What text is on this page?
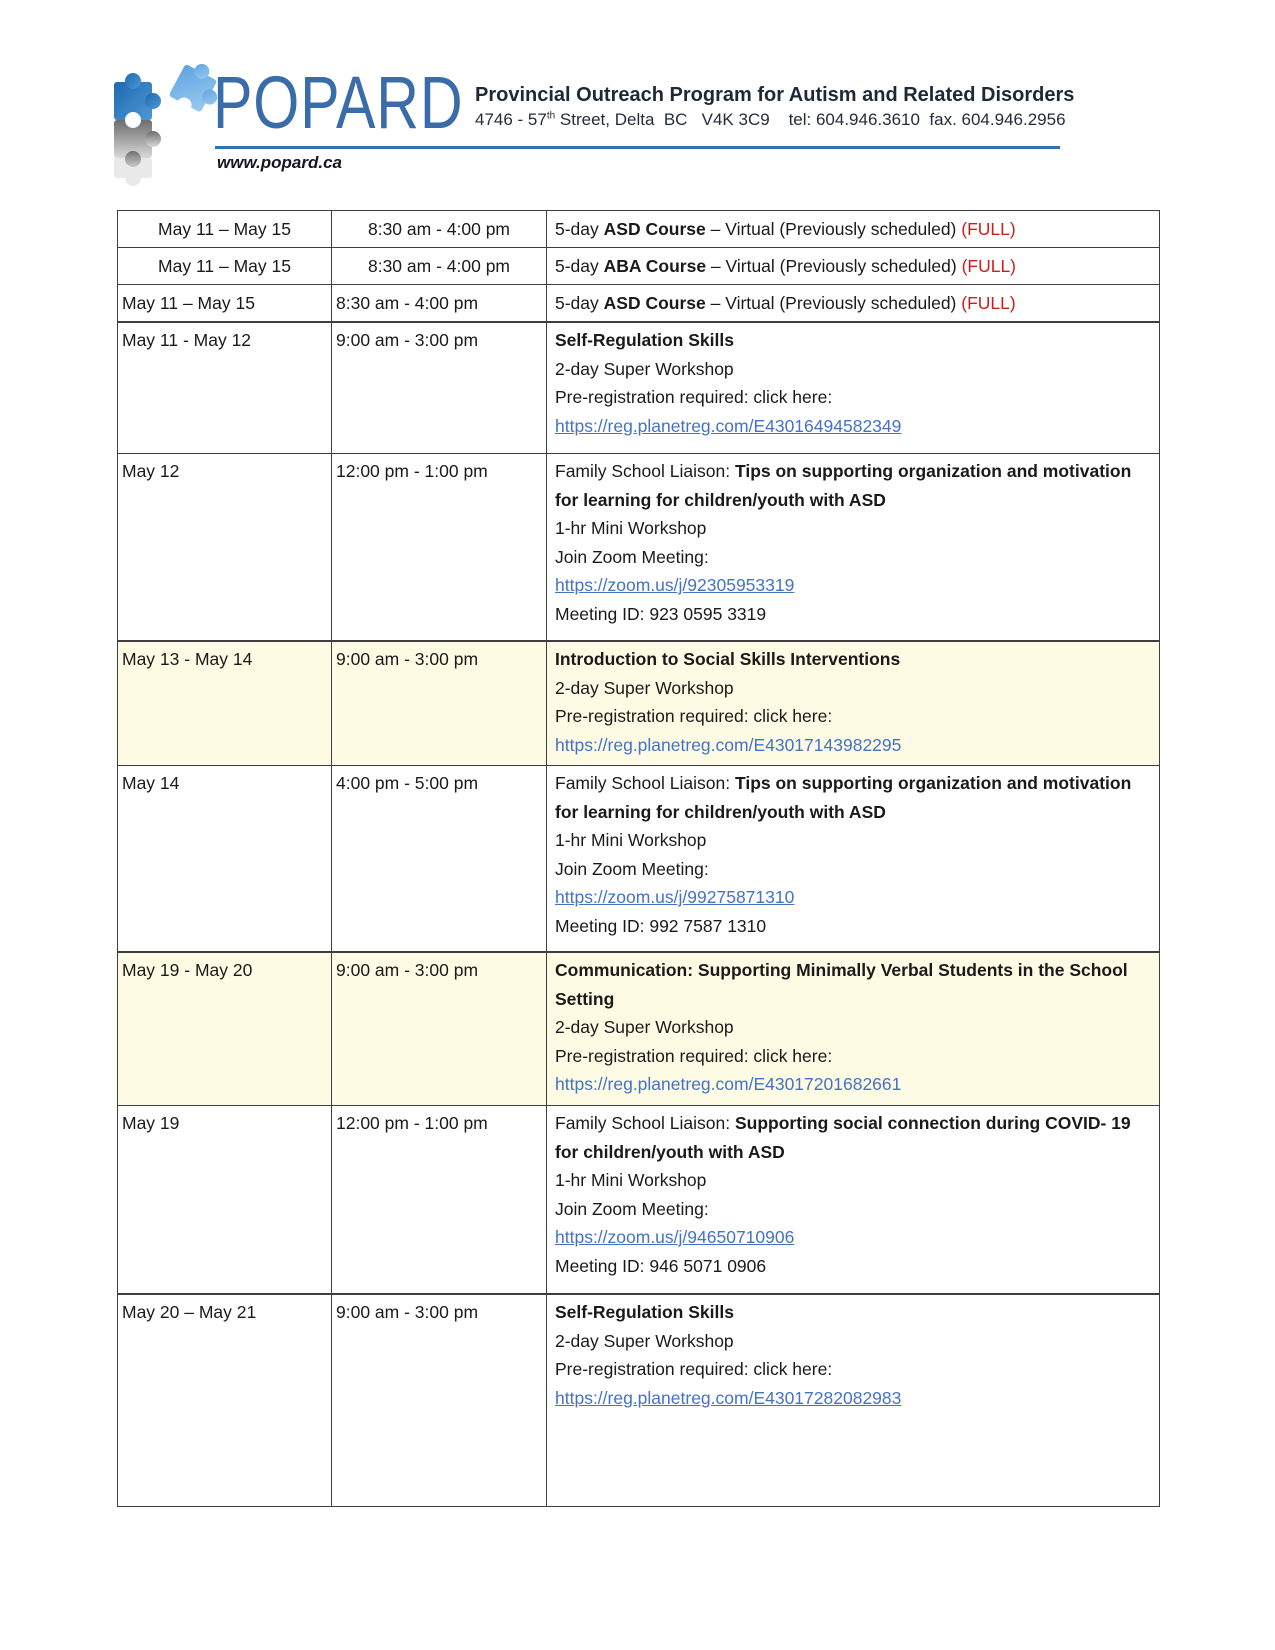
POPARD Provincial Outreach Program for Autism and Related Disorders
4746 - 57th Street, Delta  BC   V4K 3C9    tel: 604.946.3610  fax. 604.946.2956
www.popard.ca
May 11 – May 15	8:30 am - 4:00 pm	5-day ASD Course – Virtual (Previously scheduled) (FULL)
May 11 – May 15	8:30 am - 4:00 pm	5-day ABA Course – Virtual (Previously scheduled) (FULL)
May 11 – May 15	8:30 am - 4:00 pm	5-day ASD Course – Virtual (Previously scheduled) (FULL)
May 11 - May 12	9:00 am - 3:00 pm	Self-Regulation Skills
2-day Super Workshop
Pre-registration required: click here:
https://reg.planetreg.com/E43016494582349

May 12	12:00 pm - 1:00 pm	Family School Liaison: Tips on supporting organization and motivation for learning for children/youth with ASD
1-hr Mini Workshop
Join Zoom Meeting:
https://zoom.us/j/92305953319
Meeting ID: 923 0595 3319

May 13 - May 14	9:00 am - 3:00 pm	Introduction to Social Skills Interventions
2-day Super Workshop
Pre-registration required: click here:
https://reg.planetreg.com/E43017143982295

May 14	4:00 pm - 5:00 pm	Family School Liaison: Tips on supporting organization and motivation for learning for children/youth with ASD
1-hr Mini Workshop
Join Zoom Meeting:
https://zoom.us/j/99275871310
Meeting ID: 992 7587 1310

May 19 - May 20	9:00 am - 3:00 pm	Communication: Supporting Minimally Verbal Students in the School Setting
2-day Super Workshop
Pre-registration required: click here:
https://reg.planetreg.com/E43017201682661

May 19	12:00 pm - 1:00 pm	Family School Liaison: Supporting social connection during COVID- 19 for children/youth with ASD
1-hr Mini Workshop
Join Zoom Meeting:
https://zoom.us/j/94650710906
Meeting ID: 946 5071 0906

May 20 – May 21	9:00 am - 3:00 pm	Self-Regulation Skills
2-day Super Workshop
Pre-registration required: click here:
https://reg.planetreg.com/E43017282082983
